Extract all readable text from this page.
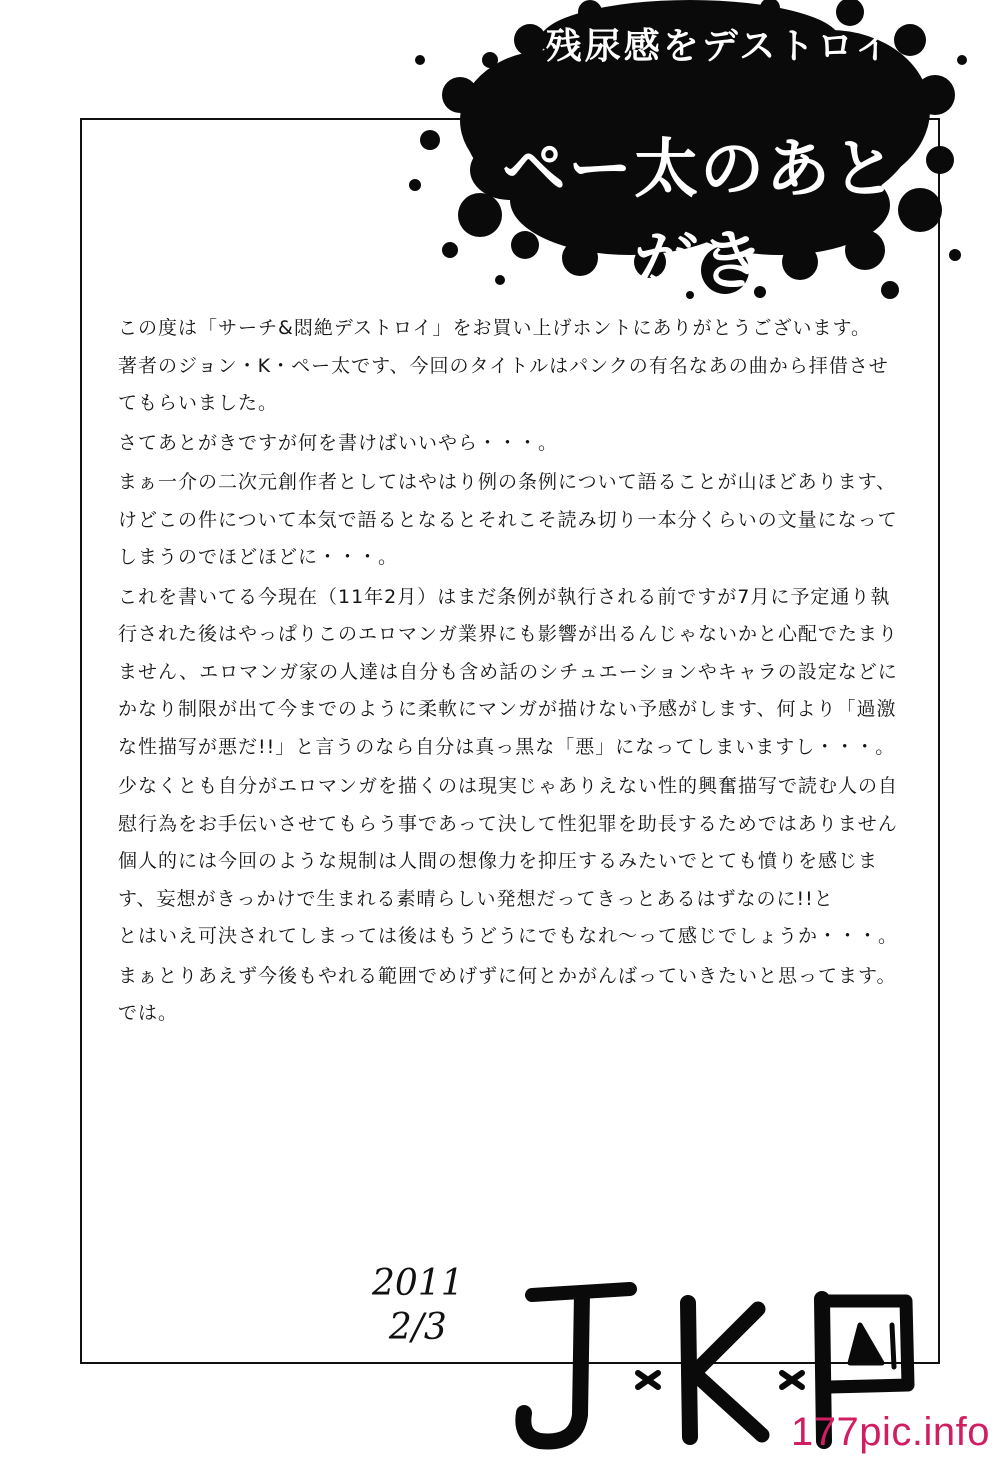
残尿感をデストロイ
ペー太のあとがき

この度は「サーチ&悶絶デストロイ」をお買い上げホントにありがとうございます。
著者のジョン・K・ペー太です、今回のタイトルはパンクの有名なあの曲から拝借させてもらいました。

さてあとがきですが何を書けばいいやら・・・。

まぁ一介の二次元創作者としてはやはり例の条例について語ることが山ほどあります、けどこの件について本気で語るとなるとそれこそ読み切り一本分くらいの文量になってしまうのでほどほどに・・・。

これを書いてる今現在（11年2月）はまだ条例が執行される前ですが7月に予定通り執行された後はやっぱりこのエロマンガ業界にも影響が出るんじゃないかと心配でたまりません、エロマンガ家の人達は自分も含め話のシチュエーションやキャラの設定などにかなり制限が出て今までのように柔軟にマンガが描けない予感がします、何より「過激な性描写が悪だ!!」と言うのなら自分は真っ黒な「悪」になってしまいますし・・・。

少なくとも自分がエロマンガを描くのは現実じゃありえない性的興奮描写で読む人の自慰行為をお手伝いさせてもらう事であって決して性犯罪を助長するためではありません
個人的には今回のような規制は人間の想像力を抑圧するみたいでとても憤りを感じます、妄想がきっかけで生まれる素晴らしい発想だってきっとあるはずなのに!!と
とはいえ可決されてしまっては後はもうどうにでもなれ〜って感じでしょうか・・・。

まぁとりあえず今後もやれる範囲でめげずに何とかがんばっていきたいと思ってます。
では。

2011
2/3
177pic.info
